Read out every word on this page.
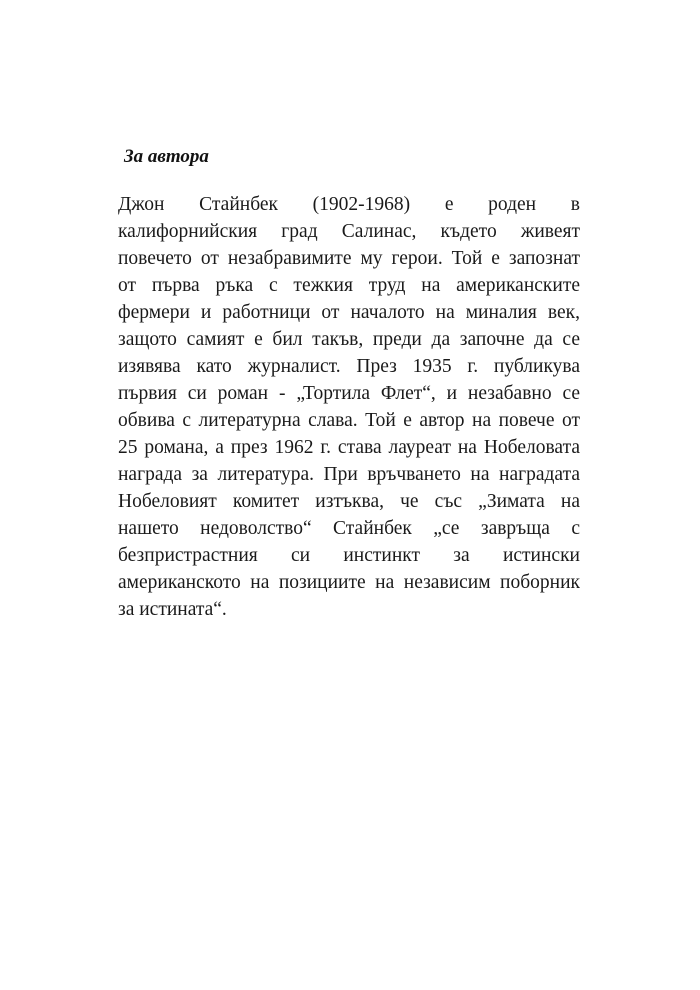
За автора
Джон Стайнбек (1902-1968) е роден в
калифорнийския град Салинас, където живеят
повечето от незабравимите му герои. Той е запознат
от първа ръка с тежкия труд на американските
фермери и работници от началото на миналия век,
защото самият е бил такъв, преди да започне да се
изявява като журналист. През 1935 г. публикува
първия си роман - „Тортила Флет“, и незабавно се
обвива с литературна слава. Той е автор на повече от
25 романа, а през 1962 г. става лауреат на Нобеловата
награда за литература. При връчването на наградата
Нобеловият комитет изтъква, че със „Зимата на
нашето недоволство“ Стайнбек „се завръща с
безпристрастния си инстинкт за истински
американското на позициите на независим поборник
за истината“.
